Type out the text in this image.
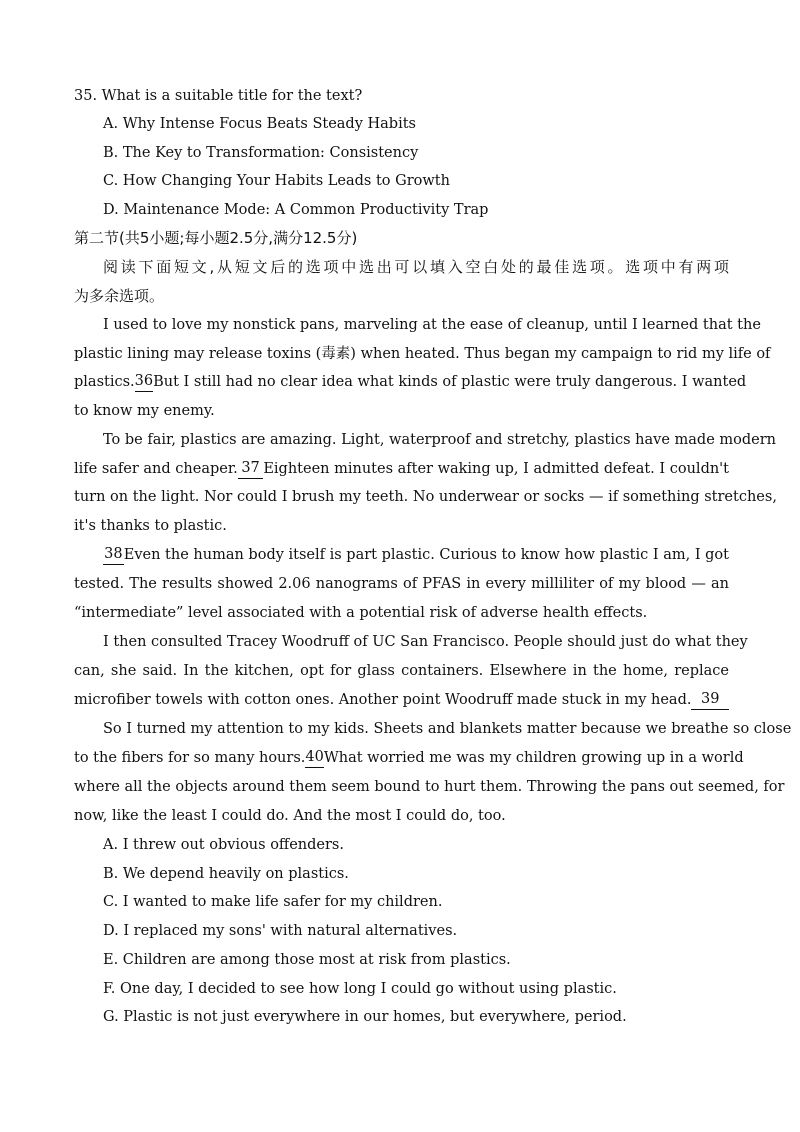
35. What is a suitable title for the text?
A. Why Intense Focus Beats Steady Habits
B. The Key to Transformation: Consistency
C. How Changing Your Habits Leads to Growth
D. Maintenance Mode: A Common Productivity Trap
第二节(共5小题;每小题2.5分,满分12.5分)
阅读下面短文,从短文后的选项中选出可以填入空白处的最佳选项。选项中有两项
为多余选项。
I used to love my nonstick pans, marveling at the ease of cleanup, until I learned that the
plastic lining may release toxins (毒素) when heated. Thus began my campaign to rid my life of
plastics. 36 But I still had no clear idea what kinds of plastic were truly dangerous. I wanted
to know my enemy.
To be fair, plastics are amazing. Light, waterproof and stretchy, plastics have made modern
life safer and cheaper. 37 Eighteen minutes after waking up, I admitted defeat. I couldn't
turn on the light. Nor could I brush my teeth. No underwear or socks — if something stretches,
it's thanks to plastic.
38 Even the human body itself is part plastic. Curious to know how plastic I am, I got
tested. The results showed 2.06 nanograms of PFAS in every milliliter of my blood — an
“intermediate” level associated with a potential risk of adverse health effects.
I then consulted Tracey Woodruff of UC San Francisco. People should just do what they
can, she said. In the kitchen, opt for glass containers. Elsewhere in the home, replace
microfiber towels with cotton ones. Another point Woodruff made stuck in my head. 39
So I turned my attention to my kids. Sheets and blankets matter because we breathe so close
to the fibers for so many hours. 40 What worried me was my children growing up in a world
where all the objects around them seem bound to hurt them. Throwing the pans out seemed, for
now, like the least I could do. And the most I could do, too.
A. I threw out obvious offenders.
B. We depend heavily on plastics.
C. I wanted to make life safer for my children.
D. I replaced my sons' with natural alternatives.
E. Children are among those most at risk from plastics.
F. One day, I decided to see how long I could go without using plastic.
G. Plastic is not just everywhere in our homes, but everywhere, period.
